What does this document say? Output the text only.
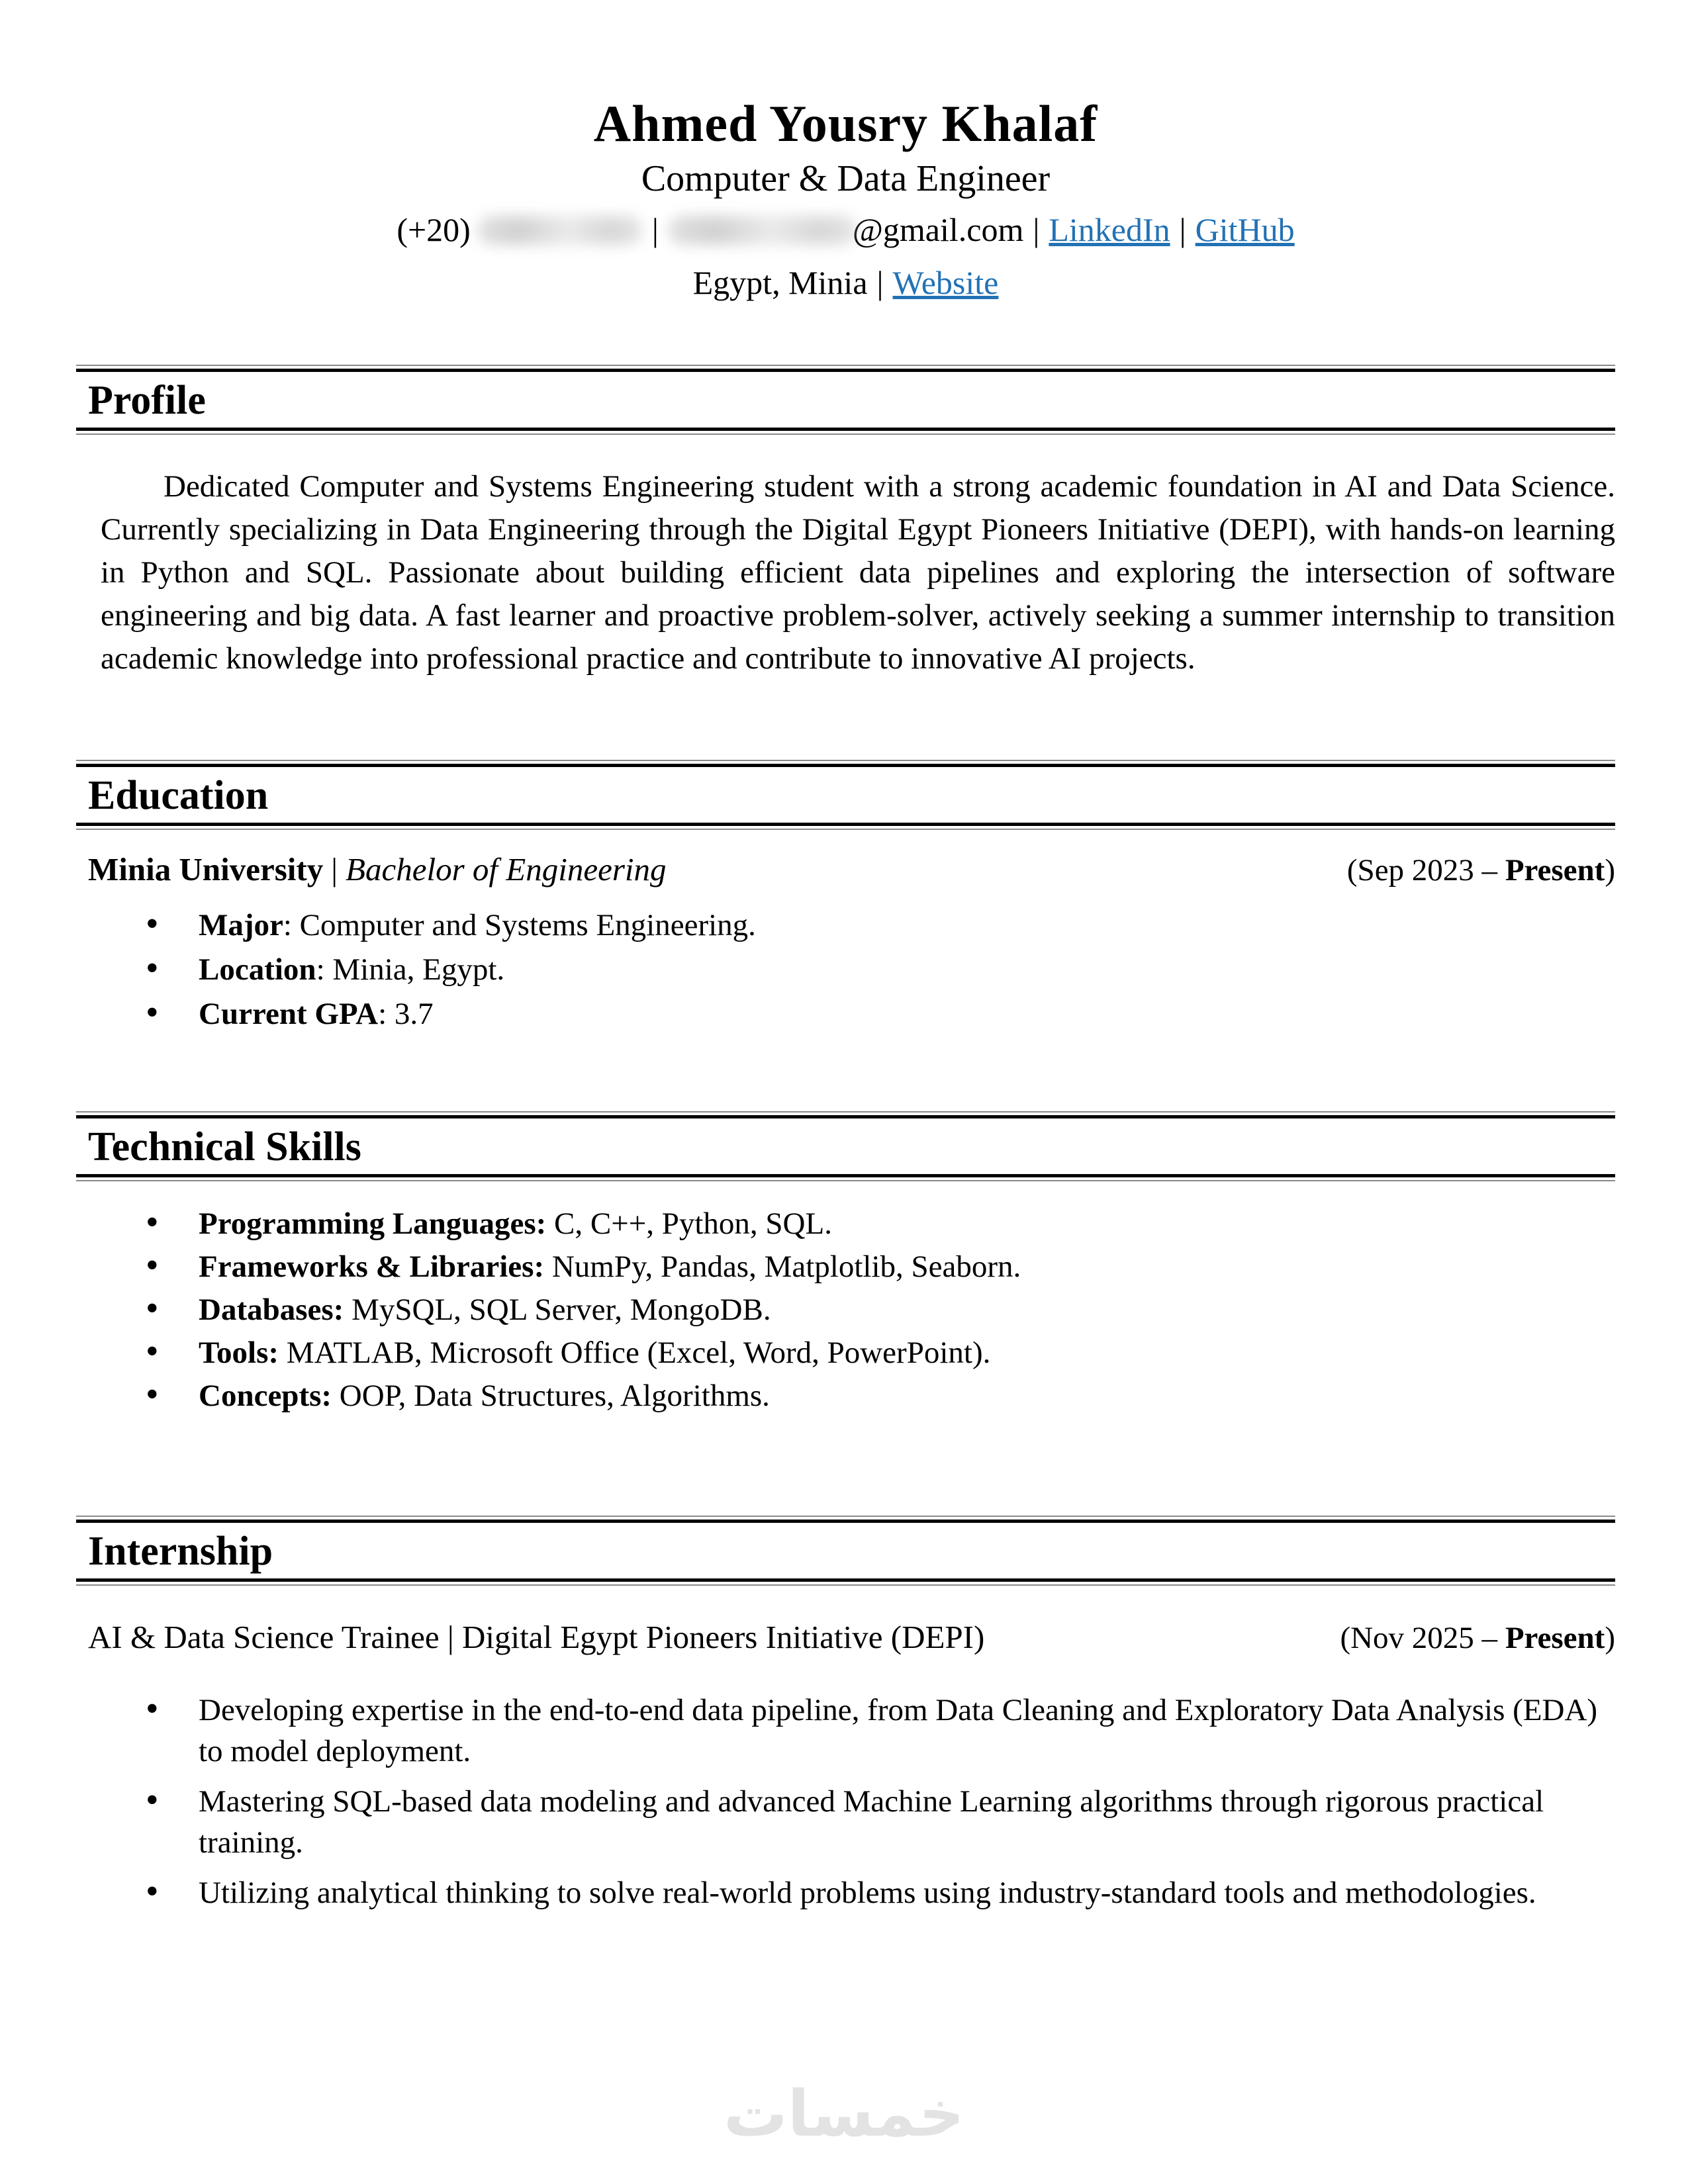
Ahmed Yousry Khalaf
Computer & Data Engineer
(+20)	|	@gmail.com | LinkedIn | GitHub
Egypt, Minia | Website
Profile

Dedicated Computer and Systems Engineering student with a strong academic foundation in AI and Data Science. Currently specializing in Data Engineering through the Digital Egypt Pioneers Initiative (DEPI), with hands-on learning in Python and SQL. Passionate about building efficient data pipelines and exploring the intersection of software engineering and big data. A fast learner and proactive problem-solver, actively seeking a summer internship to transition academic knowledge into professional practice and contribute to innovative AI projects.

Education
Minia University | Bachelor of Engineering	(Sep 2023 – Present)
• Major: Computer and Systems Engineering.
• Location: Minia, Egypt.
• Current GPA: 3.7
Technical Skills
• Programming Languages: C, C++, Python, SQL.
• Frameworks & Libraries: NumPy, Pandas, Matplotlib, Seaborn.
• Databases: MySQL, SQL Server, MongoDB.
• Tools: MATLAB, Microsoft Office (Excel, Word, PowerPoint).
• Concepts: OOP, Data Structures, Algorithms.
Internship
AI & Data Science Trainee | Digital Egypt Pioneers Initiative (DEPI)	(Nov 2025 – Present)
• Developing expertise in the end-to-end data pipeline, from Data Cleaning and Exploratory Data Analysis (EDA) to model deployment.
• Mastering SQL-based data modeling and advanced Machine Learning algorithms through rigorous practical training.
• Utilizing analytical thinking to solve real-world problems using industry-standard tools and methodologies.
خمسات
